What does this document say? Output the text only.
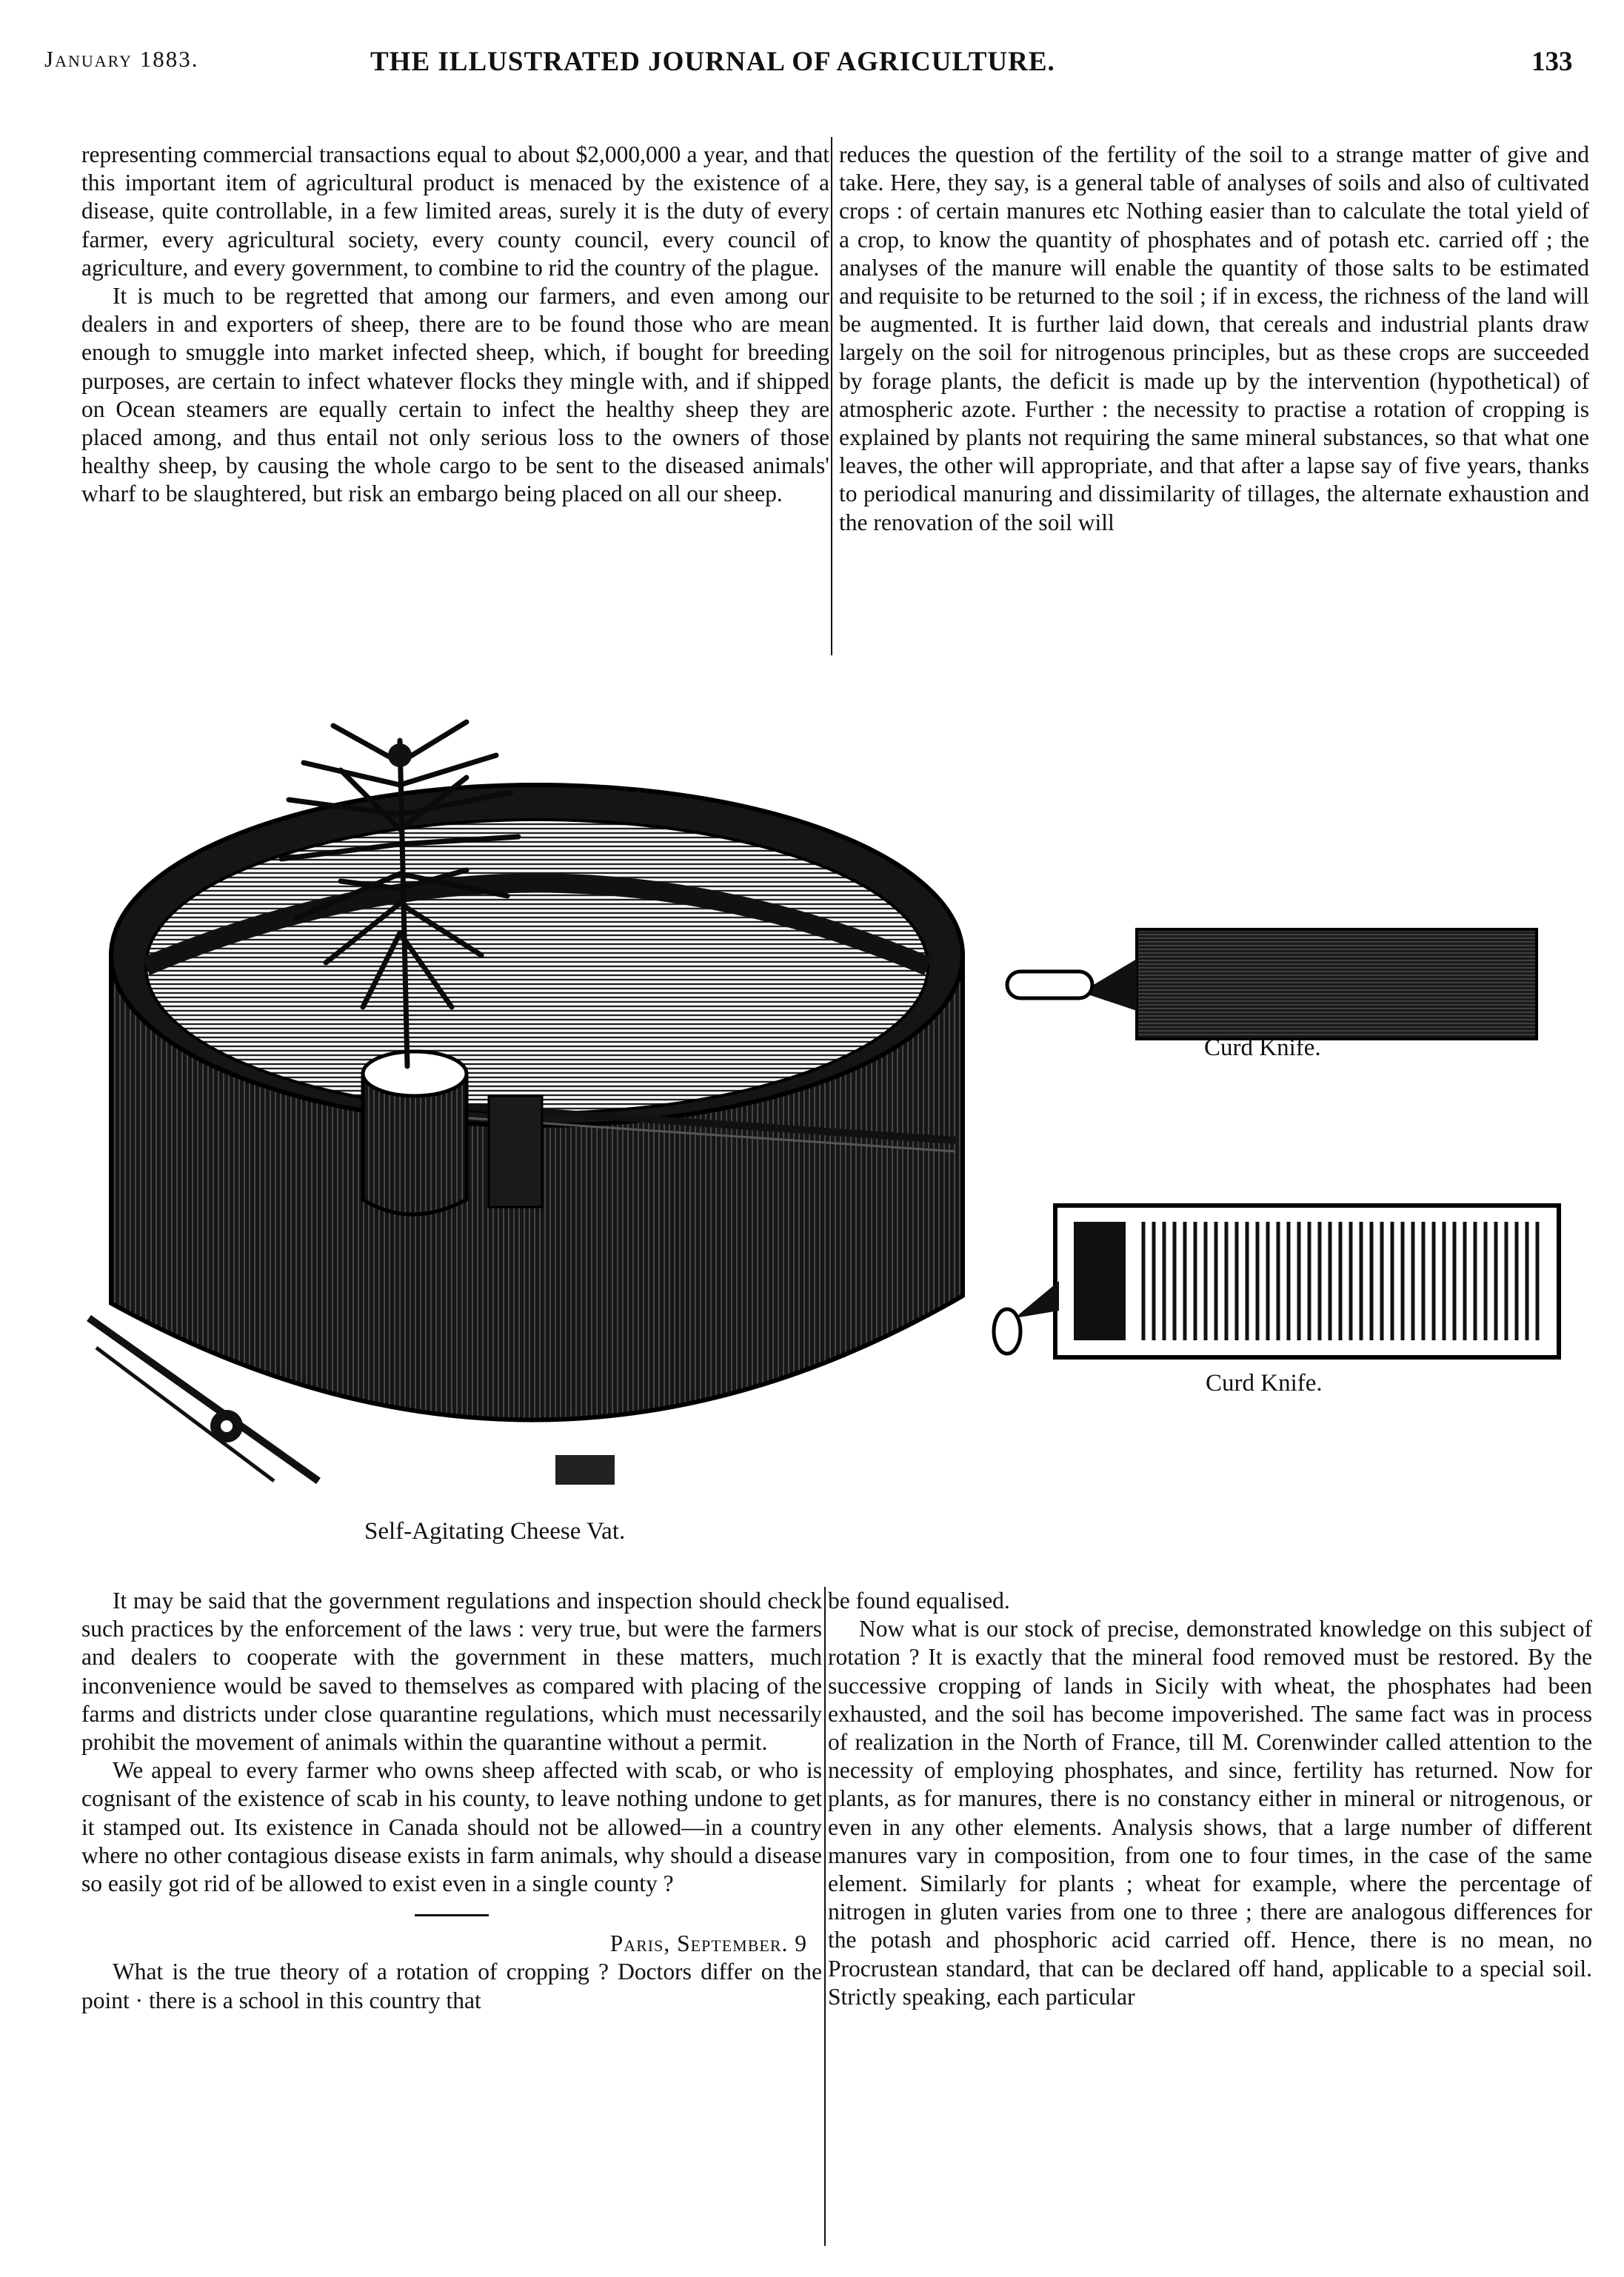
January 1883.	THE ILLUSTRATED JOURNAL OF AGRICULTURE.	133

representing commercial transactions equal to about $2,000,000 a year, and that this important item of agricultural product is menaced by the existence of a disease, quite controllable, in a few limited areas, surely it is the duty of every farmer, every agricultural society, every county council, every council of agriculture, and every government, to combine to rid the country of the plague.

It is much to be regretted that among our farmers, and even among our dealers in and exporters of sheep, there are to be found those who are mean enough to smuggle into market infected sheep, which, if bought for breeding purposes, are certain to infect whatever flocks they mingle with, and if shipped on Ocean steamers are equally certain to infect the healthy sheep they are placed among, and thus entail not only serious loss to the owners of those healthy sheep, by causing the whole cargo to be sent to the diseased animals' wharf to be slaughtered, but risk an embargo being placed on all our sheep.

reduces the question of the fertility of the soil to a strange matter of give and take. Here, they say, is a general table of analyses of soils and also of cultivated crops : of certain manures etc Nothing easier than to calculate the total yield of a crop, to know the quantity of phosphates and of potash etc. carried off ; the analyses of the manure will enable the quantity of those salts to be estimated and requisite to be returned to the soil ; if in excess, the richness of the land will be augmented. It is further laid down, that cereals and industrial plants draw largely on the soil for nitrogenous principles, but as these crops are succeeded by forage plants, the deficit is made up by the intervention (hypothetical) of atmospheric azote. Further : the necessity to practise a rotation of cropping is explained by plants not requiring the same mineral substances, so that what one leaves, the other will appropriate, and that after a lapse say of five years, thanks to periodical manuring and dissimilarity of tillages, the alternate exhaustion and the renovation of the soil will

Self-Agitating Cheese Vat.
Curd Knife.
Curd Knife.

It may be said that the government regulations and inspection should check such practices by the enforcement of the laws : very true, but were the farmers and dealers to cooperate with the government in these matters, much inconvenience would be saved to themselves as compared with placing of the farms and districts under close quarantine regulations, which must necessarily prohibit the movement of animals within the quarantine without a permit.

We appeal to every farmer who owns sheep affected with scab, or who is cognisant of the existence of scab in his county, to leave nothing undone to get it stamped out. Its existence in Canada should not be allowed—in a country where no other contagious disease exists in farm animals, why should a disease so easily got rid of be allowed to exist even in a single county ?

Paris, September. 9

What is the true theory of a rotation of cropping ? Doctors differ on the point · there is a school in this country that

be found equalised.

Now what is our stock of precise, demonstrated knowledge on this subject of rotation ? It is exactly that the mineral food removed must be restored. By the successive cropping of lands in Sicily with wheat, the phosphates had been exhausted, and the soil has become impoverished. The same fact was in process of realization in the North of France, till M. Corenwinder called attention to the necessity of employing phosphates, and since, fertility has returned. Now for plants, as for manures, there is no constancy either in mineral or nitrogenous, or even in any other elements. Analysis shows, that a large number of different manures vary in composition, from one to four times, in the case of the same element. Similarly for plants ; wheat for example, where the percentage of nitrogen in gluten varies from one to three ; there are analogous differences for the potash and phosphoric acid carried off. Hence, there is no mean, no Procrustean standard, that can be declared off hand, applicable to a special soil. Strictly speaking, each particular
